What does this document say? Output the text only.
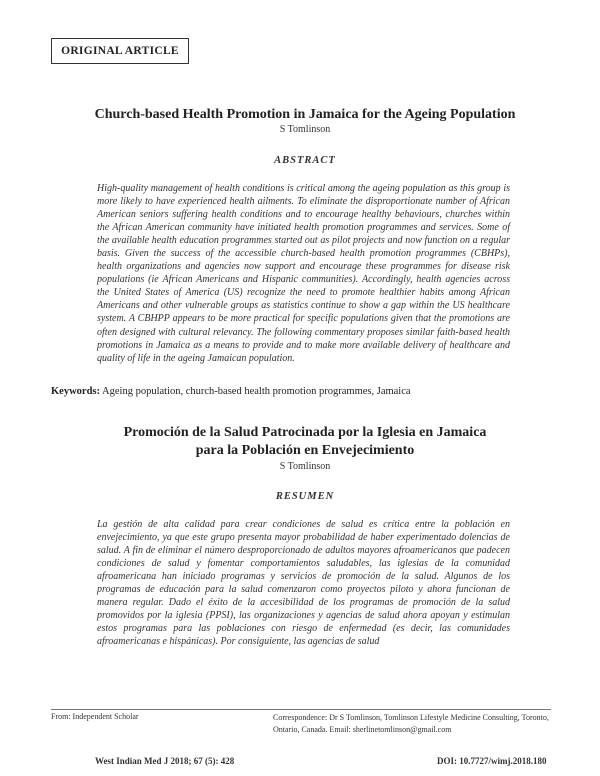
ORIGINAL ARTICLE
Church-based Health Promotion in Jamaica for the Ageing Population
S Tomlinson
ABSTRACT
High-quality management of health conditions is critical among the ageing population as this group is more likely to have experienced health ailments. To eliminate the disproportionate number of African American seniors suffering health conditions and to encourage healthy behaviours, churches within the African American community have initiated health promotion programmes and services. Some of the available health education programmes started out as pilot projects and now function on a regular basis. Given the success of the accessible church-based health promotion programmes (CBHPs), health organizations and agencies now support and encourage these programmes for disease risk populations (ie African Americans and Hispanic communities). Accordingly, health agencies across the United States of America (US) recognize the need to promote healthier habits among African Americans and other vulnerable groups as statistics continue to show a gap within the US healthcare system. A CBHPP appears to be more practical for specific populations given that the promotions are often designed with cultural relevancy. The following commentary proposes similar faith-based health promotions in Jamaica as a means to provide and to make more available delivery of healthcare and quality of life in the ageing Jamaican population.
Keywords: Ageing population, church-based health promotion programmes, Jamaica
Promoción de la Salud Patrocinada por la Iglesia en Jamaica para la Población en Envejecimiento
S Tomlinson
RESUMEN
La gestión de alta calidad para crear condiciones de salud es crítica entre la población en envejecimiento, ya que este grupo presenta mayor probabilidad de haber experimentado dolencias de salud. A fin de eliminar el número desproporcionado de adultos mayores afroamericanos que padecen condiciones de salud y fomentar comportamientos saludables, las iglesias de la comunidad afroamericana han iniciado programas y servicios de promoción de la salud. Algunos de los programas de educación para la salud comenzaron como proyectos piloto y ahora funcionan de manera regular. Dado el éxito de la accesibilidad de los programas de promoción de la salud promovidos por la iglesia (PPSI), las organizaciones y agencias de salud ahora apoyan y estimulan estos programas para las poblaciones con riesgo de enfermedad (es decir, las comunidades afroamericanas e hispánicas). Por consiguiente, las agencias de salud
From: Independent Scholar	Correspondence: Dr S Tomlinson, Tomlinson Lifestyle Medicine Consulting, Toronto, Ontario, Canada. Email: sherlinetomlinson@gmail.com
West Indian Med J 2018; 67 (5): 428	DOI: 10.7727/wimj.2018.180
